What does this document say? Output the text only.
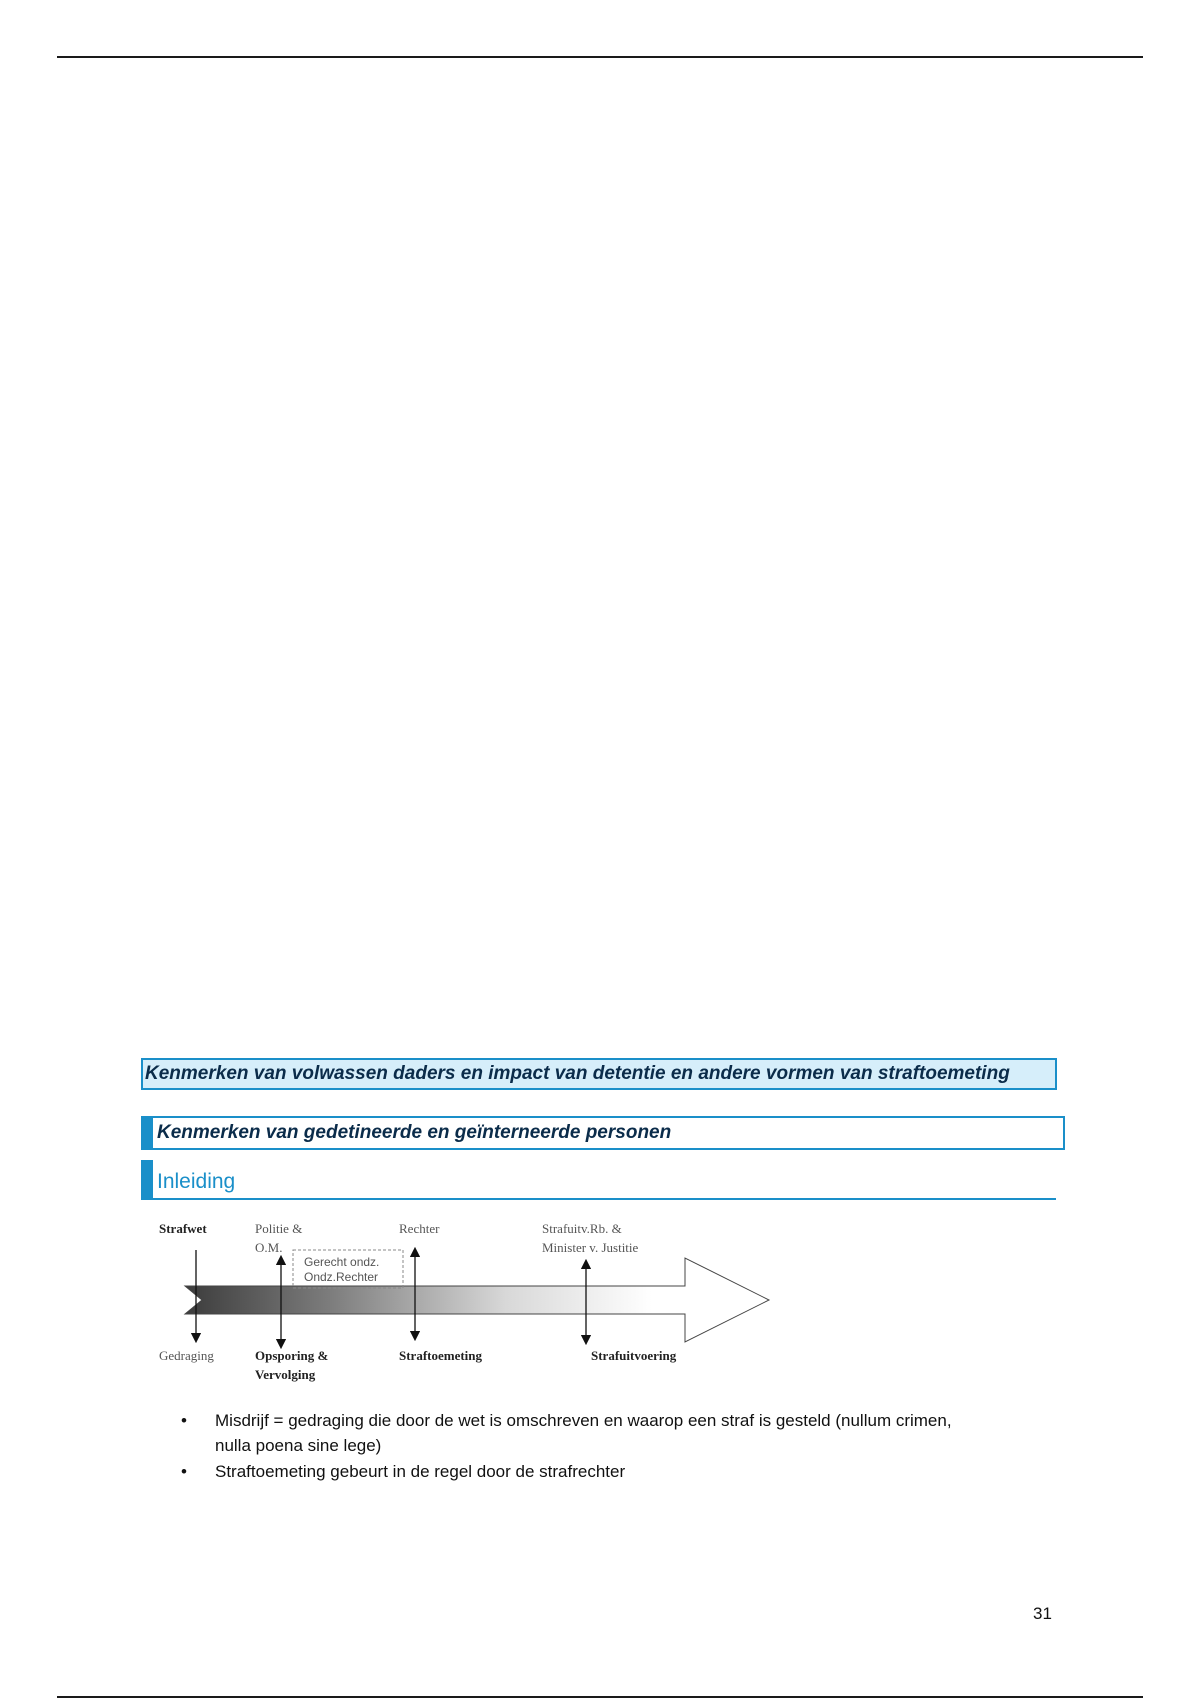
Kenmerken van volwassen daders en impact van detentie en andere vormen van straftoemeting
Kenmerken van gedetineerde en geïnterneerde personen
Inleiding
Strafwet	Politie &
O.M.
Rechter	Strafuitv.Rb. &
Minister v. Justitie
Gerecht ondz.
Ondz.Rechter
Gedraging	Opsporing &
Vervolging
Straftoemeting	Strafuitvoering
• Misdrijf = gedraging die door de wet is omschreven en waarop een straf is gesteld (nullum crimen,
nulla poena sine lege)
• Straftoemeting gebeurt in de regel door de strafrechter
31
